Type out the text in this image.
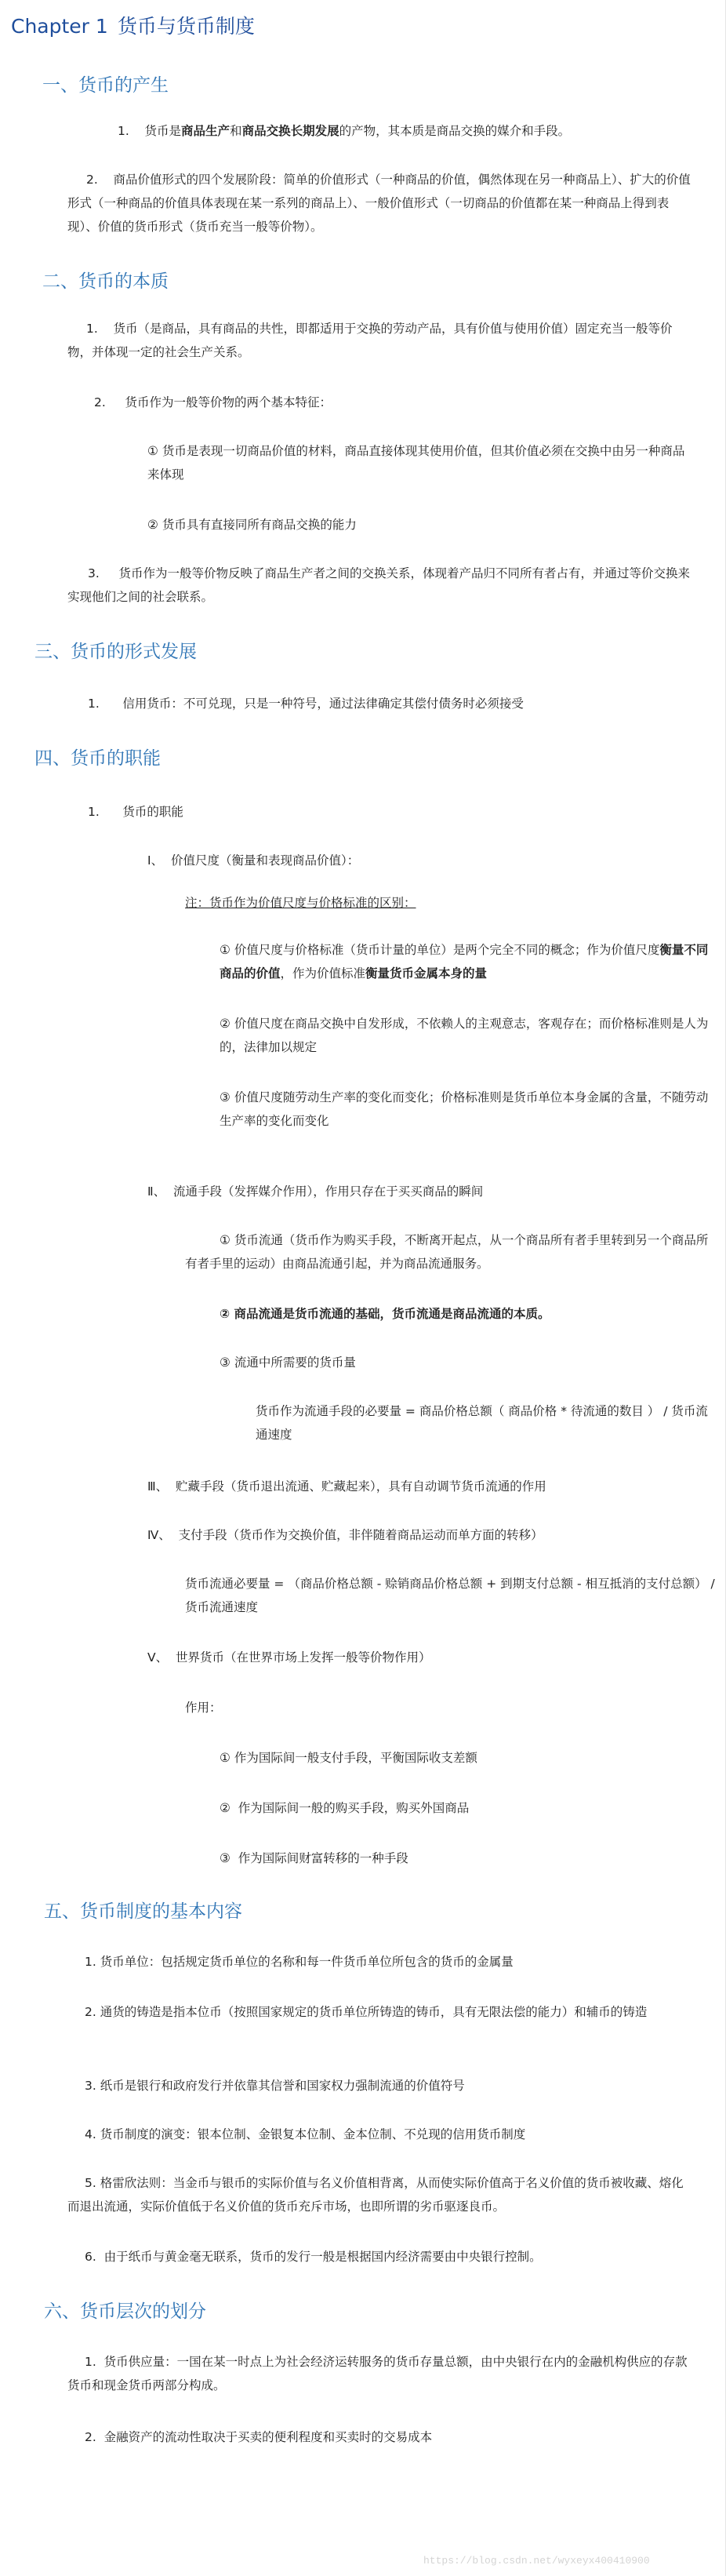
Chapter 1 货币与货币制度
一、货币的产生
1. 货币是商品生产和商品交换长期发展的产物，其本质是商品交换的媒介和手段。
2. 商品价值形式的四个发展阶段：简单的价值形式（一种商品的价值，偶然体现在另一种商品上）、扩大的价值形式（一种商品的价值具体表现在某一系列的商品上）、一般价值形式（一切商品的价值都在某一种商品上得到表现）、价值的货币形式（货币充当一般等价物）。
二、货币的本质
1. 货币（是商品，具有商品的共性，即都适用于交换的劳动产品，具有价值与使用价值）固定充当一般等价物，并体现一定的社会生产关系。
2. 货币作为一般等价物的两个基本特征：
① 货币是表现一切商品价值的材料，商品直接体现其使用价值，但其价值必须在交换中由另一种商品来体现
② 货币具有直接同所有商品交换的能力
3. 货币作为一般等价物反映了商品生产者之间的交换关系，体现着产品归不同所有者占有，并通过等价交换来实现他们之间的社会联系。
三、货币的形式发展
1. 信用货币：不可兑现，只是一种符号，通过法律确定其偿付债务时必须接受
四、货币的职能
1. 货币的职能
Ⅰ、 价值尺度（衡量和表现商品价值）：
注：货币作为价值尺度与价格标准的区别：
① 价值尺度与价格标准（货币计量的单位）是两个完全不同的概念；作为价值尺度衡量不同商品的价值，作为价值标准衡量货币金属本身的量
② 价值尺度在商品交换中自发形成，不依赖人的主观意志，客观存在；而价格标准则是人为的，法律加以规定
③ 价值尺度随劳动生产率的变化而变化；价格标准则是货币单位本身金属的含量，不随劳动生产率的变化而变化
Ⅱ、 流通手段（发挥媒介作用），作用只存在于买买商品的瞬间
① 货币流通（货币作为购买手段，不断离开起点，从一个商品所有者手里转到另一个商品所有者手里的运动）由商品流通引起，并为商品流通服务。
② 商品流通是货币流通的基础，货币流通是商品流通的本质。
③ 流通中所需要的货币量
货币作为流通手段的必要量 = 商品价格总额（ 商品价格 * 待流通的数目 ） / 货币流通速度
Ⅲ、 贮藏手段（货币退出流通、贮藏起来），具有自动调节货币流通的作用
Ⅳ、 支付手段（货币作为交换价值，非伴随着商品运动而单方面的转移）
货币流通必要量 = （商品价格总额 - 赊销商品价格总额 + 到期支付总额 - 相互抵消的支付总额） / 货币流通速度
Ⅴ、 世界货币（在世界市场上发挥一般等价物作用）
作用：
① 作为国际间一般支付手段，平衡国际收支差额
② 作为国际间一般的购买手段，购买外国商品
③ 作为国际间财富转移的一种手段
五、货币制度的基本内容
1. 货币单位：包括规定货币单位的名称和每一件货币单位所包含的货币的金属量
2. 通货的铸造是指本位币（按照国家规定的货币单位所铸造的铸币，具有无限法偿的能力）和辅币的铸造
3. 纸币是银行和政府发行并依靠其信誉和国家权力强制流通的价值符号
4. 货币制度的演变：银本位制、金银复本位制、金本位制、不兑现的信用货币制度
5. 格雷欣法则：当金币与银币的实际价值与名义价值相背离，从而使实际价值高于名义价值的货币被收藏、熔化而退出流通，实际价值低于名义价值的货币充斥市场，也即所谓的劣币驱逐良币。
6. 由于纸币与黄金毫无联系，货币的发行一般是根据国内经济需要由中央银行控制。
六、货币层次的划分
1. 货币供应量：一国在某一时点上为社会经济运转服务的货币存量总额，由中央银行在内的金融机构供应的存款货币和现金货币两部分构成。
2. 金融资产的流动性取决于买卖的便利程度和买卖时的交易成本
https://blog.csdn.net/wyxeyx400410900
